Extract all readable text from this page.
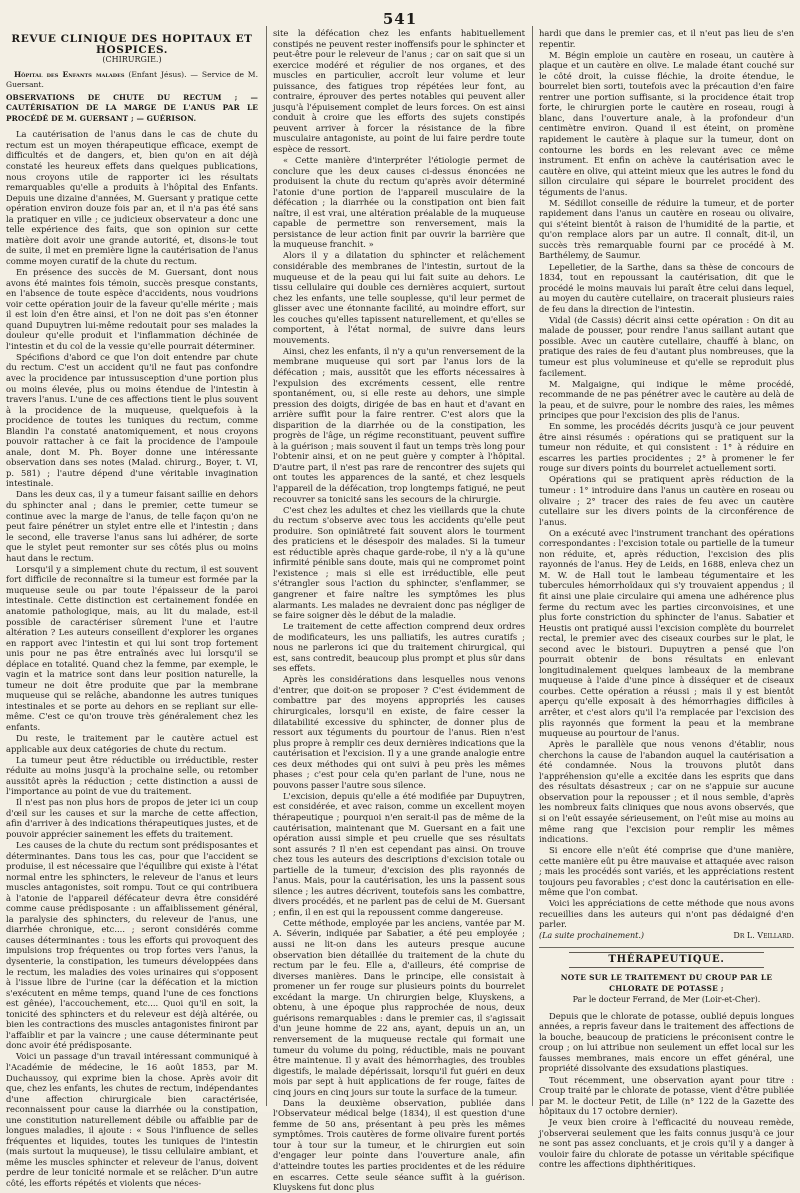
541
REVUE CLINIQUE DES HOPITAUX ET HOSPICES.
(CHIRURGIE.)
Hôpital des Enfants malades (Enfant Jésus). — Service de M. Guersant.
OBSERVATIONS DE CHUTE DU RECTUM ; — CAUTÉRISATION DE LA MARGE DE L'ANUS PAR LE PROCÉDÉ DE M. GUERSANT ; — GUÉRISON.

La cautérisation de l'anus dans le cas de chute du rectum est un moyen thérapeutique efficace, exempt de difficultés et de dangers, et, bien qu'on en ait déjà constaté les heureux effets dans quelques publications, nous croyons utile de rapporter ici les résultats remarquables qu'elle a produits à l'hôpital des Enfants. Depuis une dizaine d'années, M. Guersant y pratique cette opération environ douze fois par an, et il n'a pas été sans la pratiquer en ville ; ce judicieux observateur a donc une telle expérience des faits, que son opinion sur cette matière doit avoir une grande autorité, et, disons-le tout de suite, il met en première ligne la cautérisation de l'anus comme moyen curatif de la chute du rectum.

En présence des succès de M. Guersant, dont nous avons été maintes fois témoin, succès presque constants, en l'absence de toute espèce d'accidents, nous voudrions voir cette opération jouir de la faveur qu'elle mérite ; mais il est loin d'en être ainsi, et l'on ne doit pas s'en étonner quand Dupuytren lui-même redoutait pour ses malades la douleur qu'elle produit et l'inflammation déchinée de l'intestin et du col de la vessie qu'elle pourrait déterminer.

Spécifions d'abord ce que l'on doit entendre par chute du rectum. C'est un accident qu'il ne faut pas confondre avec la procidence par intussusception d'une portion plus ou moins élevée, plus ou moins étendue de l'intestin à travers l'anus. L'une de ces affections tient le plus souvent à la procidence de la muqueuse, quelquefois à la procidence de toutes les tuniques du rectum, comme Blandin l'a constaté anatomiquement, et nous croyons pouvoir rattacher à ce fait la procidence de l'ampoule anale, dont M. Ph. Boyer donne une intéressante observation dans ses notes (Malad. chirurg., Boyer, t. VI, p. 581) ; l'autre dépend d'une véritable invagination intestinale.

Dans les deux cas, il y a tumeur faisant saillie en dehors du sphincter anal ; dans le premier, cette tumeur se continue avec la marge de l'anus, de telle façon qu'on ne peut faire pénétrer un stylet entre elle et l'intestin ; dans le second, elle traverse l'anus sans lui adhérer, de sorte que le stylet peut remonter sur ses côtés plus ou moins haut dans le rectum.

Lorsqu'il y a simplement chute du rectum, il est souvent fort difficile de reconnaître si la tumeur est formée par la muqueuse seule ou par toute l'épaisseur de la paroi intestinale. Cette distinction est certainement fondée en anatomie pathologique, mais, au lit du malade, est-il possible de caractériser sûrement l'une et l'autre altération ? Les auteurs conseillent d'explorer les organes en rapport avec l'intestin et qui lui sont trop fortement unis pour ne pas être entraînés avec lui lorsqu'il se déplace en totalité. Quand chez la femme, par exemple, le vagin et la matrice sont dans leur position naturelle, la tumeur ne doit être produite que par la membrane muqueuse qui se relâche, abandonne les autres tuniques intestinales et se porte au dehors en se repliant sur elle-même. C'est ce qu'on trouve très généralement chez les enfants.

Du reste, le traitement par le cautère actuel est applicable aux deux catégories de chute du rectum.

La tumeur peut être réductible ou irréductible, rester réduite au moins jusqu'à la prochaine selle, ou retomber aussitôt après la réduction ; cette distinction a aussi de l'importance au point de vue du traitement.

Il n'est pas non plus hors de propos de jeter ici un coup d'œil sur les causes et sur la marche de cette affection, afin d'arriver à des indications thérapeutiques justes, et de pouvoir apprécier sainement les effets du traitement.

Les causes de la chute du rectum sont prédisposantes et déterminantes. Dans tous les cas, pour que l'accident se produise, il est nécessaire que l'équilibre qui existe à l'état normal entre les sphincters, le releveur de l'anus et leurs muscles antagonistes, soit rompu. Tout ce qui contribuera à l'atonie de l'appareil défécateur devra être considéré comme cause prédisposante : un affaiblissement général, la paralysie des sphincters, du releveur de l'anus, une diarrhée chronique, etc.... ; seront considérés comme causes déterminantes : tous les efforts qui provoquent des impulsions trop fréquentes ou trop fortes vers l'anus, la dysenterie, la constipation, les tumeurs développées dans le rectum, les maladies des voies urinaires qui s'opposent à l'issue libre de l'urine (car la défécation et la miction s'exécutent en même temps, quand l'une de ces fonctions est gênée), l'accouchement, etc.... Quoi qu'il en soit, la tonicité des sphincters et du releveur est déjà altérée, ou bien les contractions des muscles antagonistes finiront par l'affaiblir et par la vaincre ; une cause déterminante peut donc avoir été prédisposante.

Voici un passage d'un travail intéressant communiqué à l'Académie de médecine, le 16 août 1853, par M. Duchaussoy, qui exprime bien la chose. Après avoir dit que, chez les enfants, les chutes de rectum, indépendantes d'une affection chirurgicale bien caractérisée, reconnaissent pour cause la diarrhée ou la constipation, une constitution naturellement débile ou affaiblie par de longues maladies, il ajoute : « Sous l'influence de selles fréquentes et liquides, toutes les tuniques de l'intestin (mais surtout la muqueuse), le tissu cellulaire ambiant, et même les muscles sphincter et releveur de l'anus, doivent perdre de leur tonicité normale et se relâcher. D'un autre côté, les efforts répétés et violents que néces-

site la défécation chez les enfants habituellement constipés ne peuvent rester inoffensifs pour le sphincter et peut-être pour le releveur de l'anus ; car on sait que si un exercice modéré et régulier de nos organes, et des muscles en particulier, accroît leur volume et leur puissance, des fatigues trop répétées leur font, au contraire, éprouver des pertes notables qui peuvent aller jusqu'à l'épuisement complet de leurs forces. On est ainsi conduit à croire que les efforts des sujets constipés peuvent arriver à forcer la résistance de la fibre musculaire antagoniste, au point de lui faire perdre toute espèce de ressort.

« Cette manière d'interpréter l'étiologie permet de conclure que les deux causes ci-dessus énoncées ne produisent la chute du rectum qu'après avoir déterminé l'atonie d'une portion de l'appareil musculaire de la défécation ; la diarrhée ou la constipation ont bien fait naître, il est vrai, une altération préalable de la muqueuse capable de permettre son renversement, mais la persistance de leur action finit par ouvrir la barrière que la muqueuse franchit. »

Alors il y a dilatation du sphincter et relâchement considérable des membranes de l'intestin, surtout de la muqueuse et de la peau qui lui fait suite au dehors. Le tissu cellulaire qui double ces dernières acquiert, surtout chez les enfants, une telle souplesse, qu'il leur permet de glisser avec une étonnante facilité, au moindre effort, sur les couches qu'elles tapissent naturellement, et qu'elles se comportent, à l'état normal, de suivre dans leurs mouvements.

Ainsi, chez les enfants, il n'y a qu'un renversement de la membrane muqueuse qui sort par l'anus lors de la défécation ; mais, aussitôt que les efforts nécessaires à l'expulsion des excréments cessent, elle rentre spontanément, ou, si elle reste au dehors, une simple pression des doigts, dirigée de bas en haut et d'avant en arrière suffit pour la faire rentrer. C'est alors que la disparition de la diarrhée ou de la constipation, les progrès de l'âge, un régime reconstituant, peuvent suffire à la guérison ; mais souvent il faut un temps très long pour l'obtenir ainsi, et on ne peut guère y compter à l'hôpital. D'autre part, il n'est pas rare de rencontrer des sujets qui ont toutes les apparences de la santé, et chez lesquels l'appareil de la défécation, trop longtemps fatigué, ne peut recouvrer sa tonicité sans les secours de la chirurgie.

C'est chez les adultes et chez les vieillards que la chute du rectum s'observe avec tous les accidents qu'elle peut produire. Son opiniâtreté fait souvent alors le tourment des praticiens et le désespoir des malades. Si la tumeur est réductible après chaque garde-robe, il n'y a là qu'une infirmité pénible sans doute, mais qui ne compromet point l'existence ; mais si elle est irréductible, elle peut s'étrangler sous l'action du sphincter, s'enflammer, se gangrener et faire naître les symptômes les plus alarmants. Les malades ne devraient donc pas négliger de se faire soigner dès le début de la maladie.

Le traitement de cette affection comprend deux ordres de modificateurs, les uns palliatifs, les autres curatifs ; nous ne parlerons ici que du traitement chirurgical, qui est, sans contredit, beaucoup plus prompt et plus sûr dans ses effets.

Après les considérations dans lesquelles nous venons d'entrer, que doit-on se proposer ? C'est évidemment de combattre par des moyens appropriés les causes chirurgicales, lorsqu'il en existe, de faire cesser la dilatabilité excessive du sphincter, de donner plus de ressort aux téguments du pourtour de l'anus. Rien n'est plus propre à remplir ces deux dernières indications que la cautérisation et l'excision. Il y a une grande analogie entre ces deux méthodes qui ont suivi à peu près les mêmes phases ; c'est pour cela qu'en parlant de l'une, nous ne pouvons passer l'autre sous silence.

L'excision, depuis qu'elle a été modifiée par Dupuytren, est considérée, et avec raison, comme un excellent moyen thérapeutique ; pourquoi n'en serait-il pas de même de la cautérisation, maintenant que M. Guersant en a fait une opération aussi simple et peu cruelle que ses résultats sont assurés ? Il n'en est cependant pas ainsi. On trouve chez tous les auteurs des descriptions d'excision totale ou partielle de la tumeur, d'excision des plis rayonnés de l'anus. Mais, pour la cautérisation, les uns la passent sous silence ; les autres décrivent, toutefois sans les combattre, divers procédés, et ne parlent pas de celui de M. Guersant ; enfin, il en est qui la repoussent comme dangereuse.

Cette méthode, employée par les anciens, vantée par M. A. Séverin, indiquée par Sabatier, a été peu employée ; aussi ne lit-on dans les auteurs presque aucune observation bien détaillée du traitement de la chute du rectum par le feu. Elle a, d'ailleurs, été comprise de diverses manières. Dans le principe, elle consistait à promener un fer rouge sur plusieurs points du bourrelet excédant la marge. Un chirurgien belge, Kluyskens, a obtenu, à une époque plus rapprochée de nous, deux guérisons remarquables : dans le premier cas, il s'agissait d'un jeune homme de 22 ans, ayant, depuis un an, un renversement de la muqueuse rectale qui formait une tumeur du volume du poing, réductible, mais ne pouvant être maintenue. Il y avait des hémorrhagies, des troubles digestifs, le malade dépérissait, lorsqu'il fut guéri en deux mois par sept à huit applications de fer rouge, faites de cinq jours en cinq jours sur toute la surface de la tumeur.

Dans la deuxième observation, publiée dans l'Observateur médical belge (1834), il est question d'une femme de 50 ans, présentant à peu près les mêmes symptômes. Trois cautères de forme olivaire furent portés tour à tour sur la tumeur, et le chirurgien eut soin d'engager leur pointe dans l'ouverture anale, afin d'atteindre toutes les parties procidentes et de les réduire en escarres. Cette seule séance suffit à la guérison. Kluyskens fut donc plus

hardi que dans le premier cas, et il n'eut pas lieu de s'en repentir.

M. Bégin emploie un cautère en roseau, un cautère à plaque et un cautère en olive. Le malade étant couché sur le côté droit, la cuisse fléchie, la droite étendue, le bourrelet bien sorti, toutefois avec la précaution d'en faire rentrer une portion suffisante, si la procidence était trop forte, le chirurgien porte le cautère en roseau, rougi à blanc, dans l'ouverture anale, à la profondeur d'un centimètre environ. Quand il est éteint, on promène rapidement le cautère à plaque sur la tumeur, dont on contourne les bords en les relevant avec ce même instrument. Et enfin on achève la cautérisation avec le cautère en olive, qui atteint mieux que les autres le fond du sillon circulaire qui sépare le bourrelet procident des téguments de l'anus.

M. Sédillot conseille de réduire la tumeur, et de porter rapidement dans l'anus un cautère en roseau ou olivaire, qui s'éteint bientôt à raison de l'humidité de la partie, et qu'on remplace alors par un autre. Il connaît, dit-il, un succès très remarquable fourni par ce procédé à M. Barthélemy, de Saumur.

Lepelletier, de la Sarthe, dans sa thèse de concours de 1834, tout en repoussant la cautérisation, dit que le procédé le moins mauvais lui paraît être celui dans lequel, au moyen du cautère cutellaire, on tracerait plusieurs raies de feu dans la direction de l'intestin.

Vidal (de Cassis) décrit ainsi cette opération : On dit au malade de pousser, pour rendre l'anus saillant autant que possible. Avec un cautère cutellaire, chauffé à blanc, on pratique des raies de feu d'autant plus nombreuses, que la tumeur est plus volumineuse et qu'elle se reproduit plus facilement.

M. Malgaigne, qui indique le même procédé, recommande de ne pas pénétrer avec le cautère au delà de la peau, et de suivre, pour le nombre des raies, les mêmes principes que pour l'excision des plis de l'anus.

En somme, les procédés décrits jusqu'à ce jour peuvent être ainsi résumés : opérations qui se pratiquent sur la tumeur non réduite, et qui consistent : 1° à réduire en escarres les parties procidentes ; 2° à promener le fer rouge sur divers points du bourrelet actuellement sorti.

Opérations qui se pratiquent après réduction de la tumeur : 1° introduire dans l'anus un cautère en roseau ou olivaire ; 2° tracer des raies de feu avec un cautère cutellaire sur les divers points de la circonférence de l'anus.

On a exécuté avec l'instrument tranchant des opérations correspondantes : l'excision totale ou partielle de la tumeur non réduite, et, après réduction, l'excision des plis rayonnés de l'anus. Hey de Leids, en 1688, enleva chez un M. W. de Hall tout le lambeau tégumentaire et les tubercules hémorrhoïdaux qui s'y trouvaient appendus ; il fit ainsi une plaie circulaire qui amena une adhérence plus ferme du rectum avec les parties circonvoisines, et une plus forte constriction du sphincter de l'anus. Sabatier et Heustis ont pratiqué aussi l'excision complète du bourrelet rectal, le premier avec des ciseaux courbes sur le plat, le second avec le bistouri. Dupuytren a pensé que l'on pourrait obtenir de bons résultats en enlevant longitudinalement quelques lambeaux de la membrane muqueuse à l'aide d'une pince à disséquer et de ciseaux courbes. Cette opération a réussi ; mais il y est bientôt aperçu qu'elle exposait à des hémorrhagies difficiles à arrêter, et c'est alors qu'il l'a remplacée par l'excision des plis rayonnés que forment la peau et la membrane muqueuse au pourtour de l'anus.

Après le parallèle que nous venons d'établir, nous cherchons la cause de l'abandon auquel la cautérisation a été condamnée. Nous la trouvons plutôt dans l'appréhension qu'elle a excitée dans les esprits que dans des résultats désastreux ; car on ne s'appuie sur aucune observation pour la repousser ; et il nous semble, d'après les nombreux faits cliniques que nous avons observés, que si on l'eût essayée sérieusement, on l'eût mise au moins au même rang que l'excision pour remplir les mêmes indications.

Si encore elle n'eût été comprise que d'une manière, cette manière eût pu être mauvaise et attaquée avec raison ; mais les procédés sont variés, et les appréciations restent toujours peu favorables ; c'est donc la cautérisation en elle-même que l'on combat.

Voici les appréciations de cette méthode que nous avons recueillies dans les auteurs qui n'ont pas dédaigné d'en parler.

(La suite prochainement.)	Dr L. Veillard.
THÉRAPEUTIQUE.
NOTE SUR LE TRAITEMENT DU CROUP PAR LE CHLORATE DE POTASSE ;
Par le docteur Ferrand, de Mer (Loir-et-Cher).

Depuis que le chlorate de potasse, oublié depuis longues années, a repris faveur dans le traitement des affections de la bouche, beaucoup de praticiens le préconisent contre le croup ; on lui attribue non seulement un effet local sur les fausses membranes, mais encore un effet général, une propriété dissolvante des exsudations plastiques.

Tout récemment, une observation ayant pour titre : Croup traité par le chlorate de potasse, vient d'être publiée par M. le docteur Petit, de Lille (n° 122 de la Gazette des hôpitaux du 17 octobre dernier).

Je veux bien croire à l'efficacité du nouveau remède, j'observerai seulement que les faits connus jusqu'à ce jour ne sont pas assez concluants, et je crois qu'il y a danger à vouloir faire du chlorate de potasse un véritable spécifique contre les affections diphthéritiques.
